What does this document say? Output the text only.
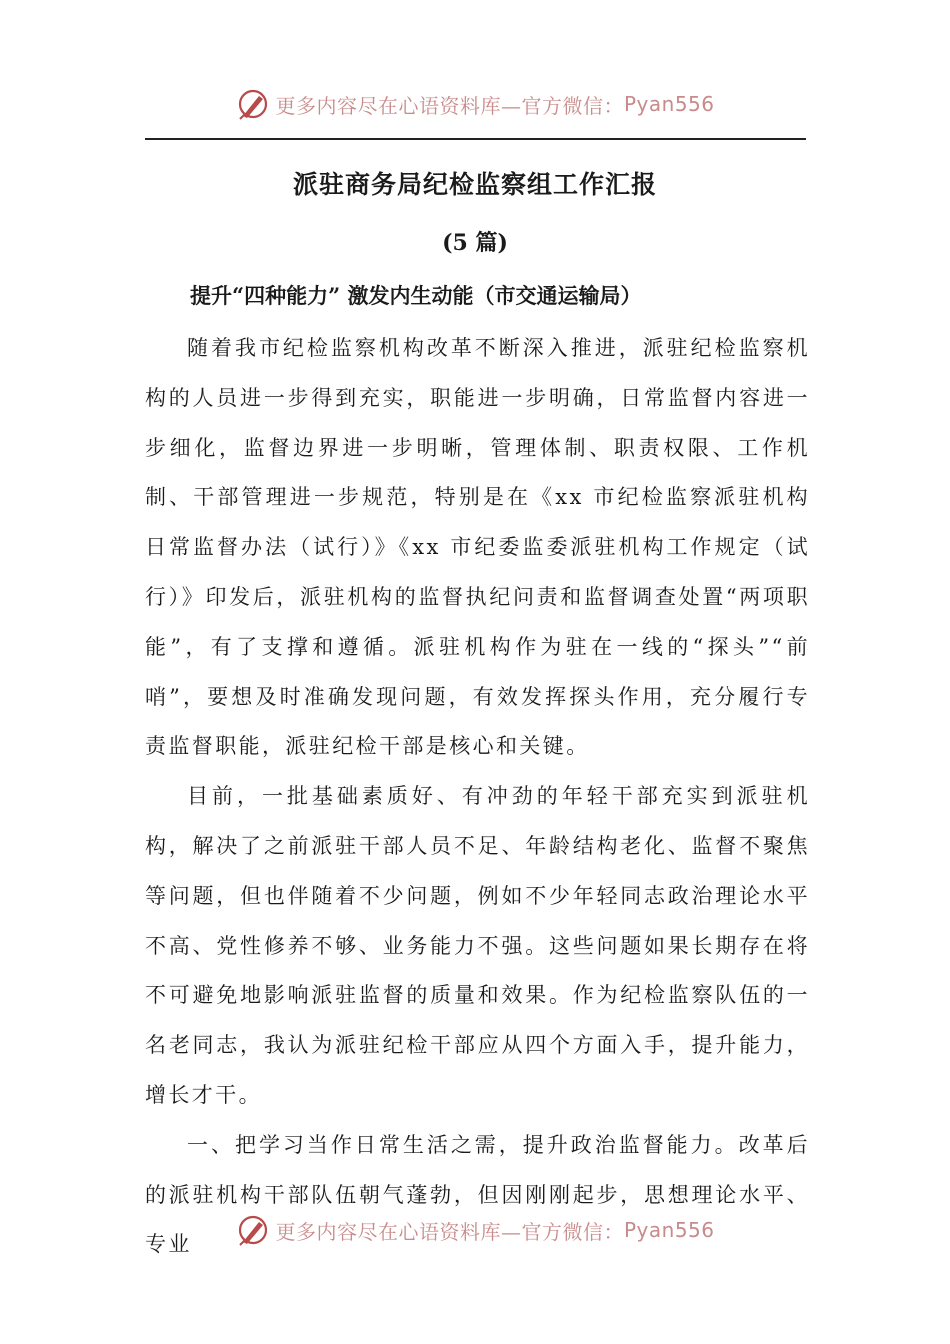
更多内容尽在心语资料库—官方微信： Pyan556
派驻商务局纪检监察组工作汇报
(5 篇)
提升“四种能力” 激发内生动能（市交通运输局）

随着我市纪检监察机构改革不断深入推进，派驻纪检监察机构的人员进一步得到充实，职能进一步明确，日常监督内容进一步细化，监督边界进一步明晰，管理体制、职责权限、工作机制、干部管理进一步规范，特别是在《xx 市纪检监察派驻机构日常监督办法（试行）》《xx 市纪委监委派驻机构工作规定（试行）》印发后，派驻机构的监督执纪问责和监督调查处置“两项职能”，有了支撑和遵循。派驻机构作为驻在一线的“探头”“前哨”，要想及时准确发现问题，有效发挥探头作用，充分履行专责监督职能，派驻纪检干部是核心和关键。

目前，一批基础素质好、有冲劲的年轻干部充实到派驻机构，解决了之前派驻干部人员不足、年龄结构老化、监督不聚焦等问题，但也伴随着不少问题，例如不少年轻同志政治理论水平不高、党性修养不够、业务能力不强。这些问题如果长期存在将不可避免地影响派驻监督的质量和效果。作为纪检监察队伍的一名老同志，我认为派驻纪检干部应从四个方面入手，提升能力，增长才干。

一、把学习当作日常生活之需，提升政治监督能力。改革后的派驻机构干部队伍朝气蓬勃，但因刚刚起步，思想理论水平、专业

更多内容尽在心语资料库—官方微信： Pyan556
